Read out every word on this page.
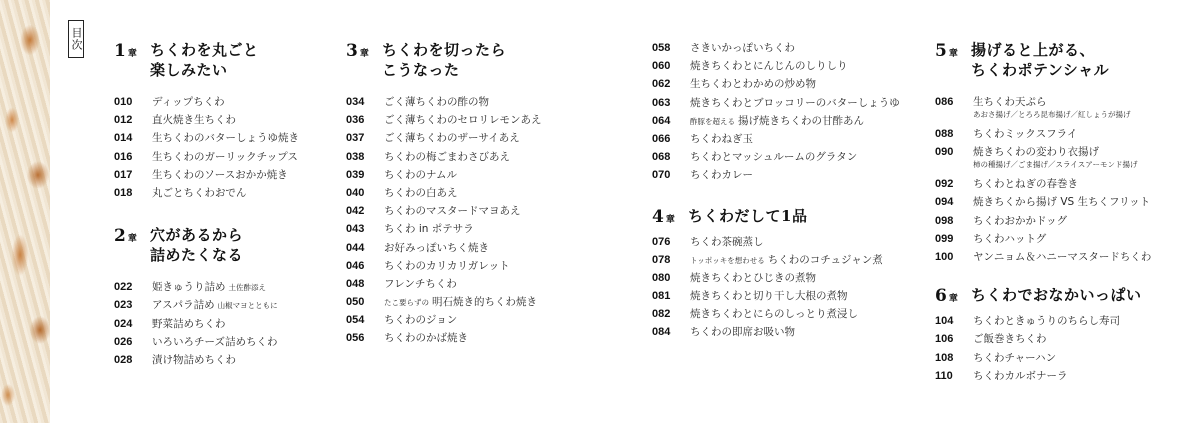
目次 1 章 ちくわを丸ごと
楽しみたい
010	ディップちくわ
012	直火焼き生ちくわ
014	生ちくわのバターしょうゆ焼き
016	生ちくわのガーリックチップス
017	生ちくわのソースおかか焼き
018	丸ごとちくわおでん
2 章 穴があるから
詰めたくなる
022	姫きゅうり詰め 土佐酢添え
023	アスパラ詰め 山椒マヨとともに
024	野菜詰めちくわ
026	いろいろチーズ詰めちくわ
028	漬け物詰めちくわ
3 章 ちくわを切ったら
こうなった
034	ごく薄ちくわの酢の物
036	ごく薄ちくわのセロリレモンあえ
037	ごく薄ちくわのザーサイあえ
038	ちくわの梅ごまわさびあえ
039	ちくわのナムル
040	ちくわの白あえ
042	ちくわのマスタードマヨあえ
043	ちくわ in ポテサラ
044	お好みっぽいちく焼き
046	ちくわのカリカリガレット
048	フレンチちくわ
050	たこ要らずの 明石焼き的ちくわ焼き
054	ちくわのジョン
056	ちくわのかば焼き
058	さきいかっぽいちくわ
060	焼きちくわとにんじんのしりしり
062	生ちくわとわかめの炒め物
063	焼きちくわとブロッコリーのバターしょうゆ
064	酢豚を超える 揚げ焼きちくわの甘酢あん
066	ちくわねぎ玉
068	ちくわとマッシュルームのグラタン
070	ちくわカレー
4 章 ちくわだして1品
076	ちくわ茶碗蒸し
078	トッポッキを想わせる ちくわのコチュジャン煮
080	焼きちくわとひじきの煮物
081	焼きちくわと切り干し大根の煮物
082	焼きちくわとにらのしっとり煮浸し
084	ちくわの即席お吸い物
5 章 揚げると上がる、
ちくわポテンシャル
086	生ちくわ天ぷら
あおさ揚げ／とろろ昆布揚げ／紅しょうが揚げ
088	ちくわミックスフライ
090	焼きちくわの変わり衣揚げ
柿の種揚げ／ごま揚げ／スライスアーモンド揚げ
092	ちくわとねぎの春巻き
094	焼きちくから揚げ VS 生ちくフリット
098	ちくわおかかドッグ
099	ちくわハットグ
100	ヤンニョム＆ハニーマスタードちくわ
6 章 ちくわでおなかいっぱい
104	ちくわときゅうりのちらし寿司
106	ご飯巻きちくわ
108	ちくわチャーハン
110	ちくわカルボナーラ
